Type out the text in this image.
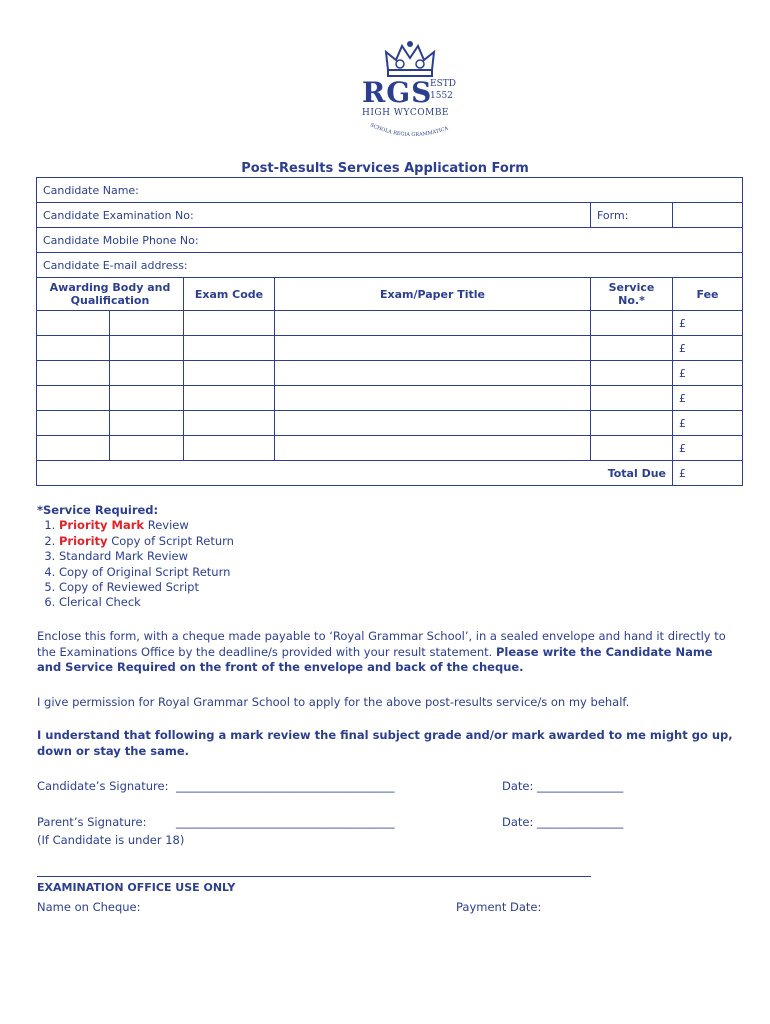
RGS
ESTD
1552
HIGH WYCOMBE
SCHOLA REGIA GRAMMATICA
Post-Results Services Application Form
Candidate Name:					
Candidate Examination No:				Form:	
Candidate Mobile Phone No:					
Candidate E-mail address:					
Awarding Body and Qualification		Exam Code	Exam/Paper Title	Service No.*	Fee
					£
					£
					£
					£
					£
					£
Total Due					£
*Service Required:
1. Priority Mark Review
2. Priority Copy of Script Return
3. Standard Mark Review
4. Copy of Original Script Return
5. Copy of Reviewed Script
6. Clerical Check
Enclose this form, with a cheque made payable to ‘Royal Grammar School’, in a sealed envelope and hand it directly to the Examinations Office by the deadline/s provided with your result statement. Please write the Candidate Name and Service Required on the front of the envelope and back of the cheque.
I give permission for Royal Grammar School to apply for the above post-results service/s on my behalf.
I understand that following a mark review the final subject grade and/or mark awarded to me might go up, down or stay the same.
Candidate’s Signature: ______________________________________	Date: _______________
Parent’s Signature:	______________________________________	Date: _______________
(If Candidate is under 18)
EXAMINATION OFFICE USE ONLY
Name on Cheque:	Payment Date:
